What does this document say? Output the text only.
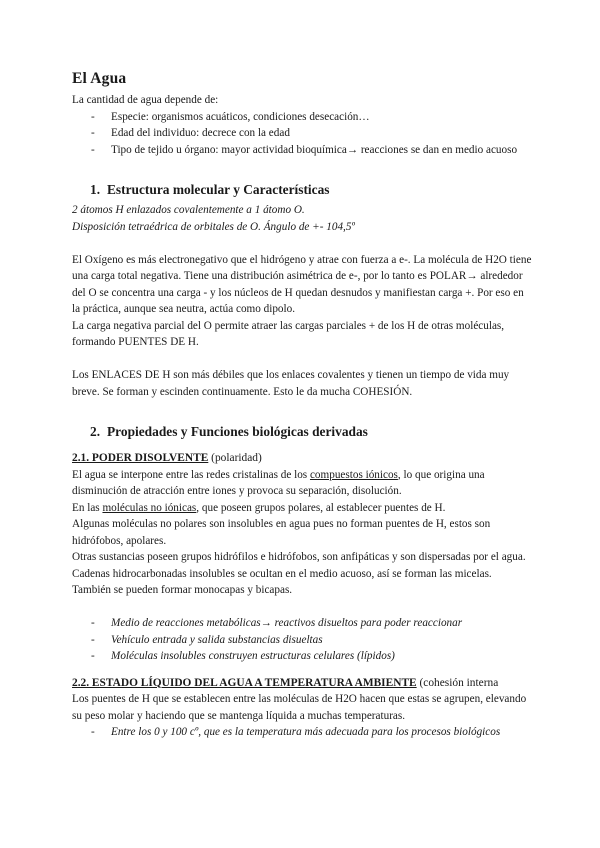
El Agua

La cantidad de agua depende de:

- Especie: organismos acuáticos, condiciones desecación…
- Edad del individuo: decrece con la edad
- Tipo de tejido u órgano: mayor actividad bioquímica→ reacciones se dan en medio acuoso
1. Estructura molecular y Características

2 átomos H enlazados covalentemente a 1 átomo O.

Disposición tetraédrica de orbitales de O. Ángulo de +- 104,5º

El Oxígeno es más electronegativo que el hidrógeno y atrae con fuerza a e-. La molécula de H2O tiene una carga total negativa. Tiene una distribución asimétrica de e-, por lo tanto es POLAR→ alrededor del O se concentra una carga - y los núcleos de H quedan desnudos y manifiestan carga +. Por eso en la práctica, aunque sea neutra, actúa como dipolo.

La carga negativa parcial del O permite atraer las cargas parciales + de los H de otras moléculas, formando PUENTES DE H.

Los ENLACES DE H son más débiles que los enlaces covalentes y tienen un tiempo de vida muy breve. Se forman y escinden continuamente. Esto le da mucha COHESIÓN.

2. Propiedades y Funciones biológicas derivadas

2.1. PODER DISOLVENTE (polaridad)

El agua se interpone entre las redes cristalinas de los compuestos iónicos, lo que origina una disminución de atracción entre iones y provoca su separación, disolución.

En las moléculas no iónicas, que poseen grupos polares, al establecer puentes de H.

Algunas moléculas no polares son insolubles en agua pues no forman puentes de H, estos son hidrófobos, apolares.

Otras sustancias poseen grupos hidrófilos e hidrófobos, son anfipáticas y son dispersadas por el agua.

Cadenas hidrocarbonadas insolubles se ocultan en el medio acuoso, así se forman las micelas. También se pueden formar monocapas y bicapas.

- Medio de reacciones metabólicas→ reactivos disueltos para poder reaccionar
- Vehículo entrada y salida substancias disueltas
- Moléculas insolubles construyen estructuras celulares (lípidos)

2.2. ESTADO LÍQUIDO DEL AGUA A TEMPERATURA AMBIENTE (cohesión interna

Los puentes de H que se establecen entre las moléculas de H2O hacen que estas se agrupen, elevando su peso molar y haciendo que se mantenga líquida a muchas temperaturas.

- Entre los 0 y 100 cº, que es la temperatura más adecuada para los procesos biológicos
